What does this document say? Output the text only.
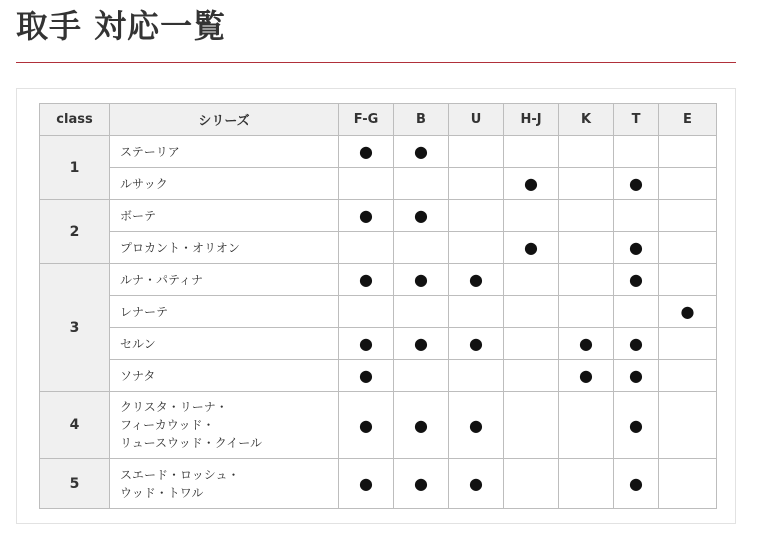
取手 対応一覧
class	シリーズ	F-G	B	U	H-J	K	T	E
1	ステーリア	●	●					

	ルサック				●		●	
2	ボーテ	●	●					

	プロカント・オリオン				●		●	
3	ルナ・パティナ	●	●	●			●	

	レナーテ							●

	セルン	●	●	●		●	●	

	ソナタ	●				●	●	
4	クリスタ・リーナ・
フィーカウッド・
リュースウッド・クイール	●	●	●			●	
5	スエード・ロッシュ・
ウッド・トワル	●	●	●			●	
